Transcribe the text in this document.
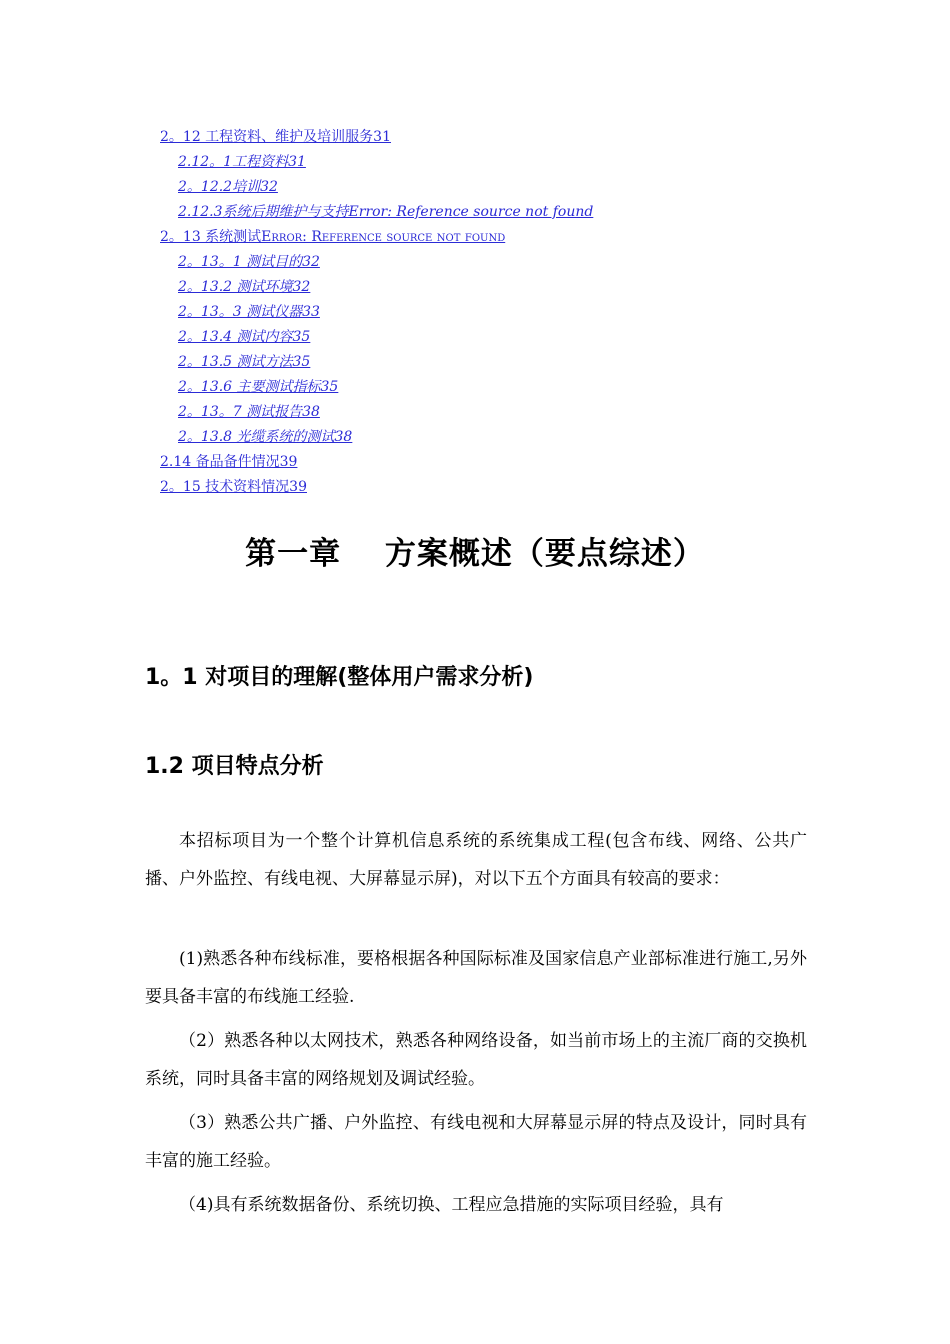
2。12 工程资料、维护及培训服务31
2.12。1工程资料31
2。12.2培训32
2.12.3系统后期维护与支持Error: Reference source not found
2。13 系统测试Error: Reference source not found
2。13。1 测试目的32
2。13.2 测试环境32
2。13。3 测试仪器33
2。13.4 测试内容35
2。13.5 测试方法35
2。13.6 主要测试指标35
2。13。7 测试报告38
2。13.8 光缆系统的测试38
2.14 备品备件情况39
2。15 技术资料情况39
第一章　 方案概述（要点综述）
1。1 对项目的理解(整体用户需求分析)
1.2 项目特点分析
本招标项目为一个整个计算机信息系统的系统集成工程(包含布线、网络、公共广播、户外监控、有线电视、大屏幕显示屏)，对以下五个方面具有较高的要求：
(1)熟悉各种布线标准，要格根据各种国际标准及国家信息产业部标准进行施工,另外要具备丰富的布线施工经验.
（2）熟悉各种以太网技术，熟悉各种网络设备，如当前市场上的主流厂商的交换机系统，同时具备丰富的网络规划及调试经验。
（3）熟悉公共广播、户外监控、有线电视和大屏幕显示屏的特点及设计，同时具有丰富的施工经验。
（4)具有系统数据备份、系统切换、工程应急措施的实际项目经验，具有
